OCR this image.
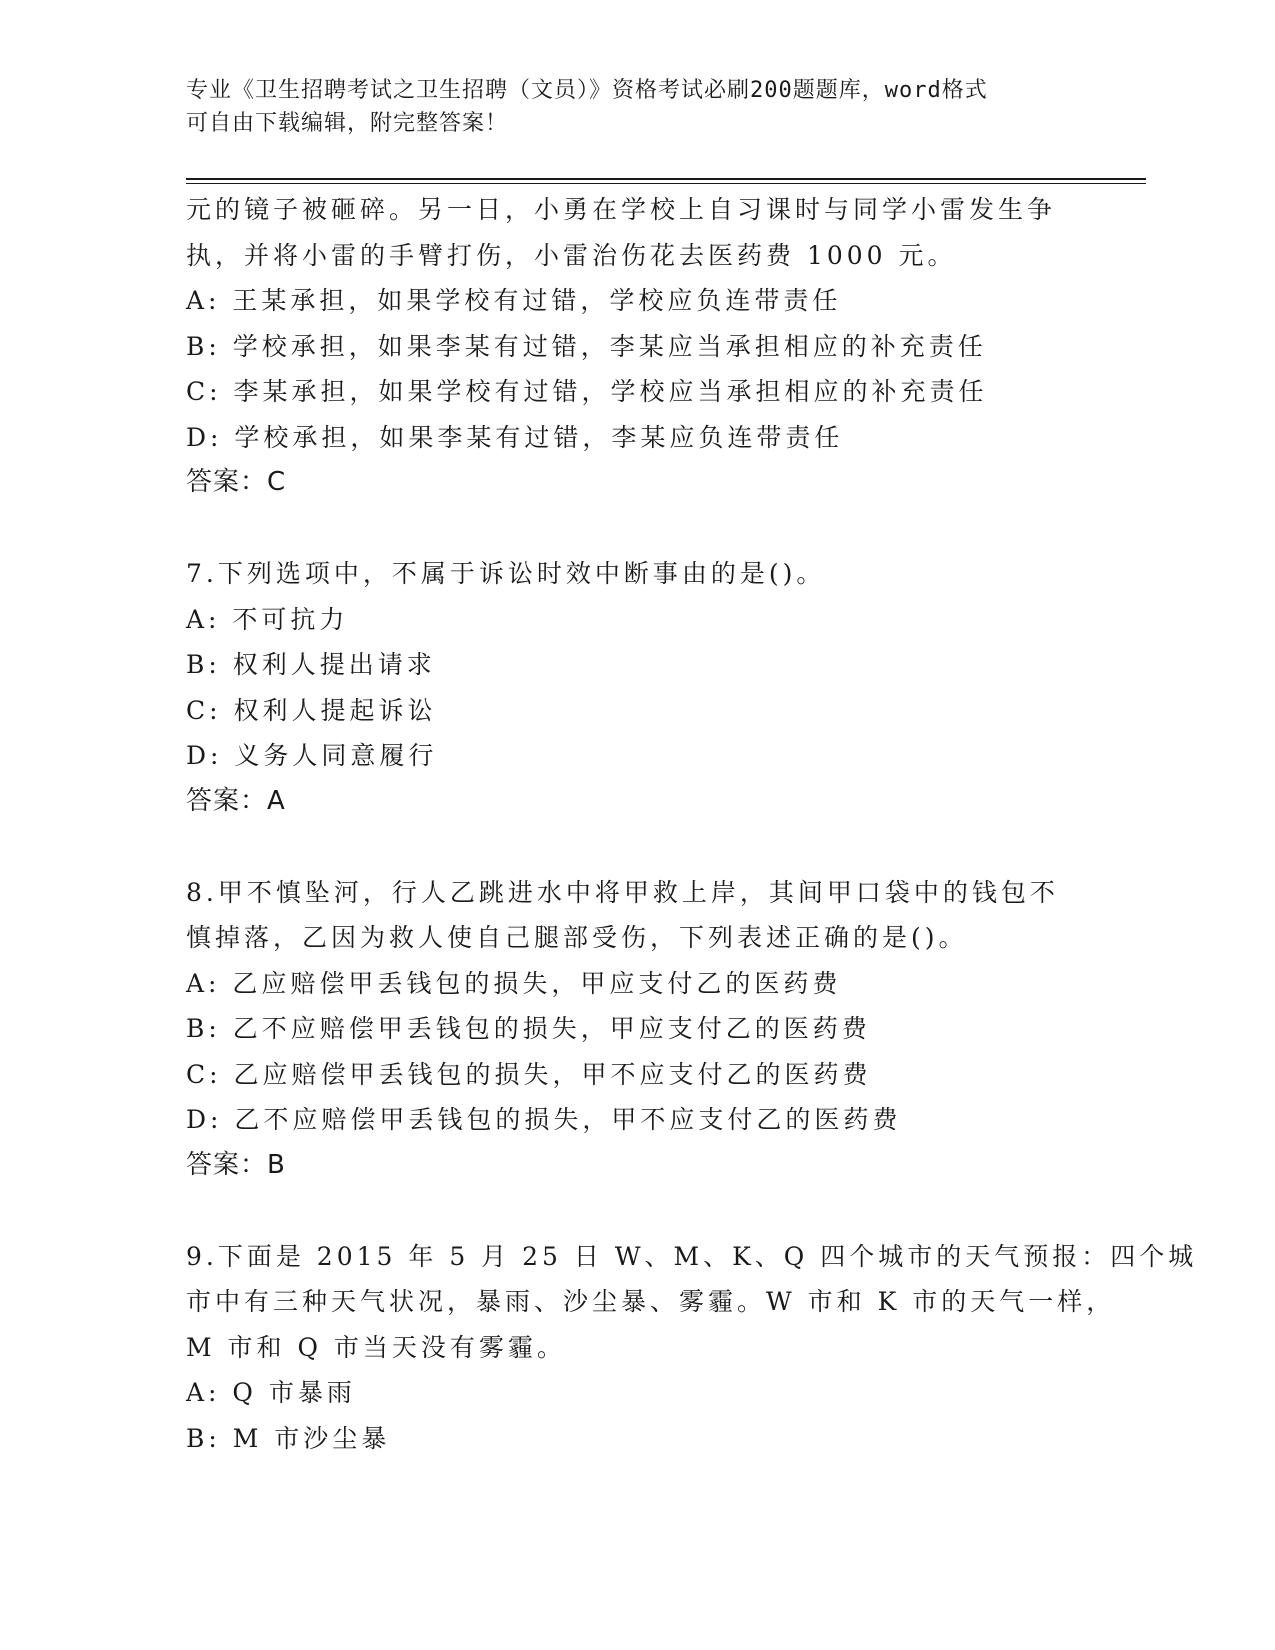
专业《卫生招聘考试之卫生招聘（文员）》资格考试必刷200题题库，word格式
可自由下载编辑，附完整答案！
元的镜子被砸碎。另一日，小勇在学校上自习课时与同学小雷发生争
执，并将小雷的手臂打伤，小雷治伤花去医药费 1000 元。
A: 王某承担，如果学校有过错，学校应负连带责任
B: 学校承担，如果李某有过错，李某应当承担相应的补充责任
C: 李某承担，如果学校有过错，学校应当承担相应的补充责任
D: 学校承担，如果李某有过错，李某应负连带责任
答案：C
7.下列选项中，不属于诉讼时效中断事由的是()。
A: 不可抗力
B: 权利人提出请求
C: 权利人提起诉讼
D: 义务人同意履行
答案：A
8.甲不慎坠河，行人乙跳进水中将甲救上岸，其间甲口袋中的钱包不
慎掉落，乙因为救人使自己腿部受伤，下列表述正确的是()。
A: 乙应赔偿甲丢钱包的损失，甲应支付乙的医药费
B: 乙不应赔偿甲丢钱包的损失，甲应支付乙的医药费
C: 乙应赔偿甲丢钱包的损失，甲不应支付乙的医药费
D: 乙不应赔偿甲丢钱包的损失，甲不应支付乙的医药费
答案：B
9.下面是 2015 年 5 月 25 日 W、M、K、Q 四个城市的天气预报：四个城
市中有三种天气状况，暴雨、沙尘暴、雾霾。W 市和 K 市的天气一样，
M 市和 Q 市当天没有雾霾。
A: Q 市暴雨
B: M 市沙尘暴
